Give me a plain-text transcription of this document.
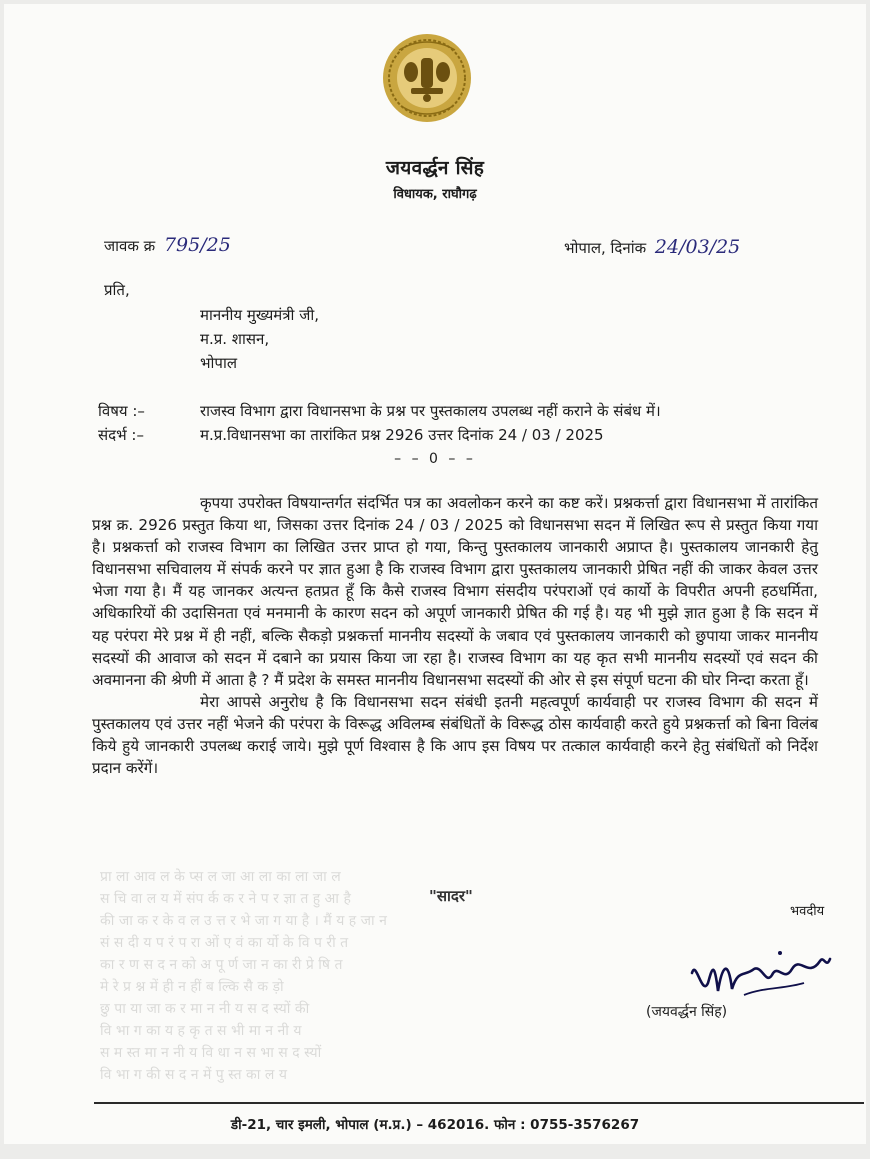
जयवर्द्धन सिंह
विधायक, राघौगढ़
जावक क्र 795/25	भोपाल, दिनांक 24/03/25
प्रति,
माननीय मुख्यमंत्री जी,
म.प्र. शासन,
भोपाल
विषय :–	राजस्व विभाग द्वारा विधानसभा के प्रश्न पर पुस्तकालय उपलब्ध नहीं कराने के संबंध में।
संदर्भ :–	म.प्र.विधानसभा का तारांकित प्रश्न 2926 उत्तर दिनांक 24 / 03 / 2025
– – 0 – –

कृपया उपरोक्त विषयान्तर्गत संदर्भित पत्र का अवलोकन करने का कष्ट करें। प्रश्नकर्त्ता द्वारा विधानसभा में तारांकित प्रश्न क्र. 2926 प्रस्तुत किया था, जिसका उत्तर दिनांक 24 / 03 / 2025 को विधानसभा सदन में लिखित रूप से प्रस्तुत किया गया है। प्रश्नकर्त्ता को राजस्व विभाग का लिखित उत्तर प्राप्त हो गया, किन्तु पुस्तकालय जानकारी अप्राप्त है। पुस्तकालय जानकारी हेतु विधानसभा सचिवालय में संपर्क करने पर ज्ञात हुआ है कि राजस्व विभाग द्वारा पुस्तकालय जानकारी प्रेषित नहीं की जाकर केवल उत्तर भेजा गया है। मैं यह जानकर अत्यन्त हतप्रत हूँ कि कैसे राजस्व विभाग संसदीय परंपराओं एवं कार्यो के विपरीत अपनी हठधर्मिता, अधिकारियों की उदासिनता एवं मनमानी के कारण सदन को अपूर्ण जानकारी प्रेषित की गई है। यह भी मुझे ज्ञात हुआ है कि सदन में यह परंपरा मेरे प्रश्न में ही नहीं, बल्कि सैकड़ो प्रश्नकर्त्ता माननीय सदस्यों के जबाव एवं पुस्तकालय जानकारी को छुपाया जाकर माननीय सदस्यों की आवाज को सदन में दबाने का प्रयास किया जा रहा है। राजस्व विभाग का यह कृत सभी माननीय सदस्यों एवं सदन की अवमानना की श्रेणी में आता है ? मैं प्रदेश के समस्त माननीय विधानसभा सदस्यों की ओर से इस संपूर्ण घटना की घोर निन्दा करता हूँ।

मेरा आपसे अनुरोध है कि विधानसभा सदन संबंधी इतनी महत्वपूर्ण कार्यवाही पर राजस्व विभाग की सदन में पुस्तकालय एवं उत्तर नहीं भेजने की परंपरा के विरूद्ध अविलम्ब संबंधितों के विरूद्ध ठोस कार्यवाही करते हुये प्रश्नकर्त्ता को बिना विलंब किये हुये जानकारी उपलब्ध कराई जाये। मुझे पूर्ण विश्वास है कि आप इस विषय पर तत्काल कार्यवाही करने हेतु संबंधितों को निर्देश प्रदान करेंगें।

प्रा ला आव ल के प्स ल जा आ ला का ला जा ल
स चि वा ल य में संप र्क क र ने प र ज्ञा त हु आ है
की जा क र के व ल उ त्त र भे जा ग या है । मैं य ह जा न
सं स दी य प रं प रा ओं ए वं का र्यो के वि प री त
का र ण स द न को अ पू र्ण जा न का री प्रे षि त
मे रे प्र श्न में ही न हीं ब ल्कि सै क ड़ो
छु पा या जा क र मा न नी य स द स्यों की
वि भा ग का य ह कृ त स भी मा न नी य
स म स्त मा न नी य वि धा न स भा स द स्यों
वि भा ग की स द न में पु स्त का ल य
"सादर"
भवदीय
(जयवर्द्धन सिंह)
डी-21, चार इमली, भोपाल (म.प्र.) – 462016. फोन : 0755-3576267
